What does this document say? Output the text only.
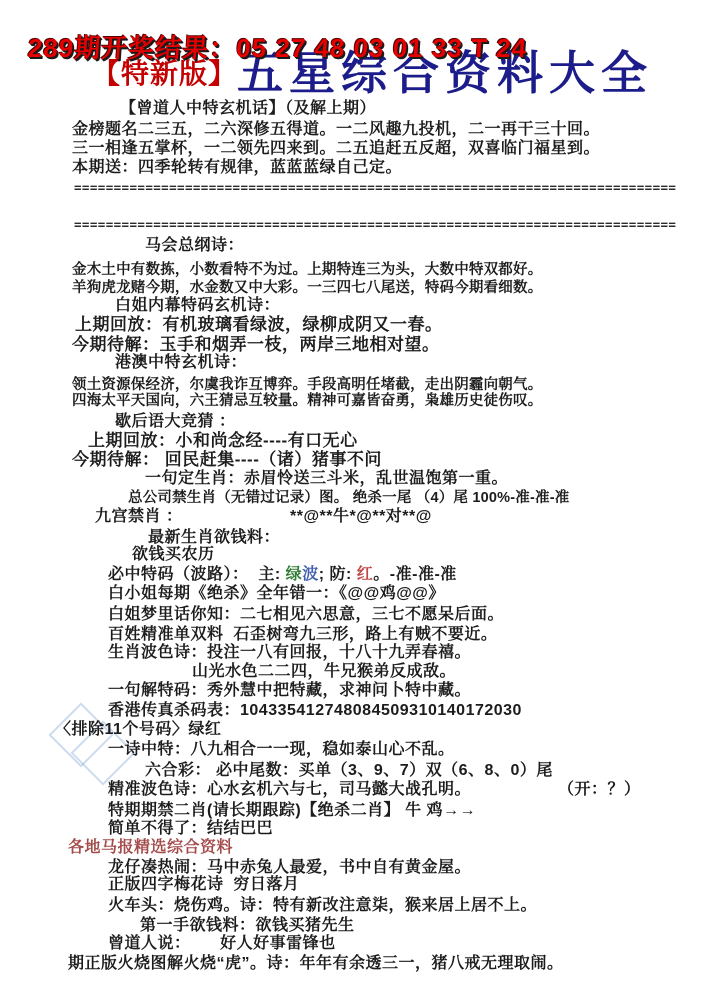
289期开奖结果：05 27 48 03 01 33 T 24
【特新版】 五星综合资料大全
【曾道人中特玄机话】（及解上期）
金榜题名二三五，二六深修五得道。一二风趣九投机，二一再干三十回。
三一相逢五掌杯，一二领先四来到。二五追赶五反超，双喜临门福星到。
本期送：四季轮转有规律，蓝蓝蓝绿自己定。
============================================================================
============================================================================
马会总纲诗：
金木土中有数拣，小数看特不为过。上期特连三为头，大数中特双都好。
羊狗虎龙赌今期，水金数又中大彩。一三四七八尾送，特码今期看细数。
白姐内幕特码玄机诗：
上期回放：有机玻璃看绿波，绿柳成阴又一春。
今期待解：玉手和烟弄一枝，两岸三地相对望。
港澳中特玄机诗：
领土资源保经济，尔虞我诈互博弈。手段高明任堵截，走出阴霾向朝气。
四海太平天国向，六王猜忌互较量。精神可嘉皆奋勇，枭雄历史徒伤叹。
歇后语大竞猜 ：
上期回放：小和尚念经----有口无心
今期待解： 回民赶集----（诸）猪事不问
一句定生肖：赤眉怜送三斗米，乱世温饱第一重。
总公司禁生肖（无错过记录）图。 绝杀一尾 （4）尾 100%-准-准-准
九宫禁肖 ：	**@**牛*@**对**@
最新生肖欲钱料：
欲钱买农历
必中特码（波路）：  主: 绿波; 防: 红。-准-准-准
白小姐每期《绝杀》全年错一：《@@鸡@@》
白姐梦里话你知：二七相见六思意，三七不愿呆后面。
百姓精准单双料  石歪树弯九三形，路上有贼不要近。
生肖波色诗：投注一八有回报，十八十九弄春禧。
山光水色二二四，牛兄猴弟反成敌。
一句解特码：秀外慧中把特藏，求神问卜特中藏。
香港传真杀码表：104335412748084509310140172030
〈排除11个号码〉绿红
一诗中特：八九相合一一现，稳如泰山心不乱。
六合彩： 必中尾数：买单（3、9、7）双（6、8、0）尾
精准波色诗：心水玄机六与七，司马懿大战孔明。	（开：？）
特期期禁二肖(请长期跟踪)【绝杀二肖】 牛 鸡→→
简单不得了：结结巴巴
各地马报精选综合资料
龙仔凑热闹：马中赤兔人最爱，书中自有黄金屋。
正版四字梅花诗  穷日落月
火车头：烧伤鸡。诗：特有新改注意柒，猴来居上居不上。
第一手欲钱料：欲钱买猪先生
曾道人说：      好人好事雷锋也
期正版火烧图解火烧“虎”。诗：年年有余透三一，猪八戒无理取闹。
